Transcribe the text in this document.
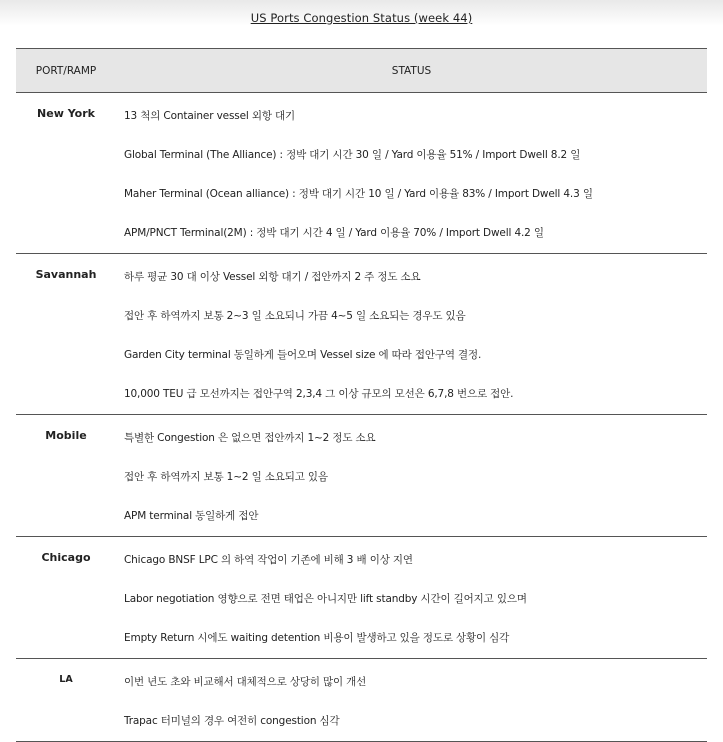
US Ports Congestion Status (week 44)
PORT/RAMP	STATUS
New York	13 척의 Container vessel 외항 대기
	Global Terminal (The Alliance) : 정박 대기 시간 30 일 / Yard 이용율 51% / Import Dwell 8.2 일
	Maher Terminal (Ocean alliance) : 정박 대기 시간 10 일 / Yard 이용율 83% / Import Dwell 4.3 일
	APM/PNCT Terminal(2M) : 정박 대기 시간 4 일 / Yard 이용율 70% / Import Dwell 4.2 일
Savannah	하루 평균 30 대 이상 Vessel 외항 대기 / 접안까지 2 주 정도 소요
	접안 후 하역까지 보통 2~3 일 소요되니 가끔 4~5 일 소요되는 경우도 있음
	Garden City terminal 동일하게 들어오며 Vessel size 에 따라 접안구역 결정.
	10,000 TEU 급 모선까지는 접안구역 2,3,4 그 이상 규모의 모선은 6,7,8 번으로 접안.
Mobile	특별한 Congestion 은 없으면 접안까지 1~2 정도 소요
	접안 후 하역까지 보통 1~2 일 소요되고 있음
	APM terminal 동일하게 접안
Chicago	Chicago BNSF LPC 의 하역 작업이 기존에 비해 3 배 이상 지연
	Labor negotiation 영향으로 전면 태업은 아니지만 lift standby 시간이 길어지고 있으며
	Empty Return 시에도 waiting detention 비용이 발생하고 있을 정도로 상황이 심각
LA	이번 년도 초와 비교해서 대체적으로 상당히 많이 개선
	Trapac 터미널의 경우 여전히 congestion 심각
